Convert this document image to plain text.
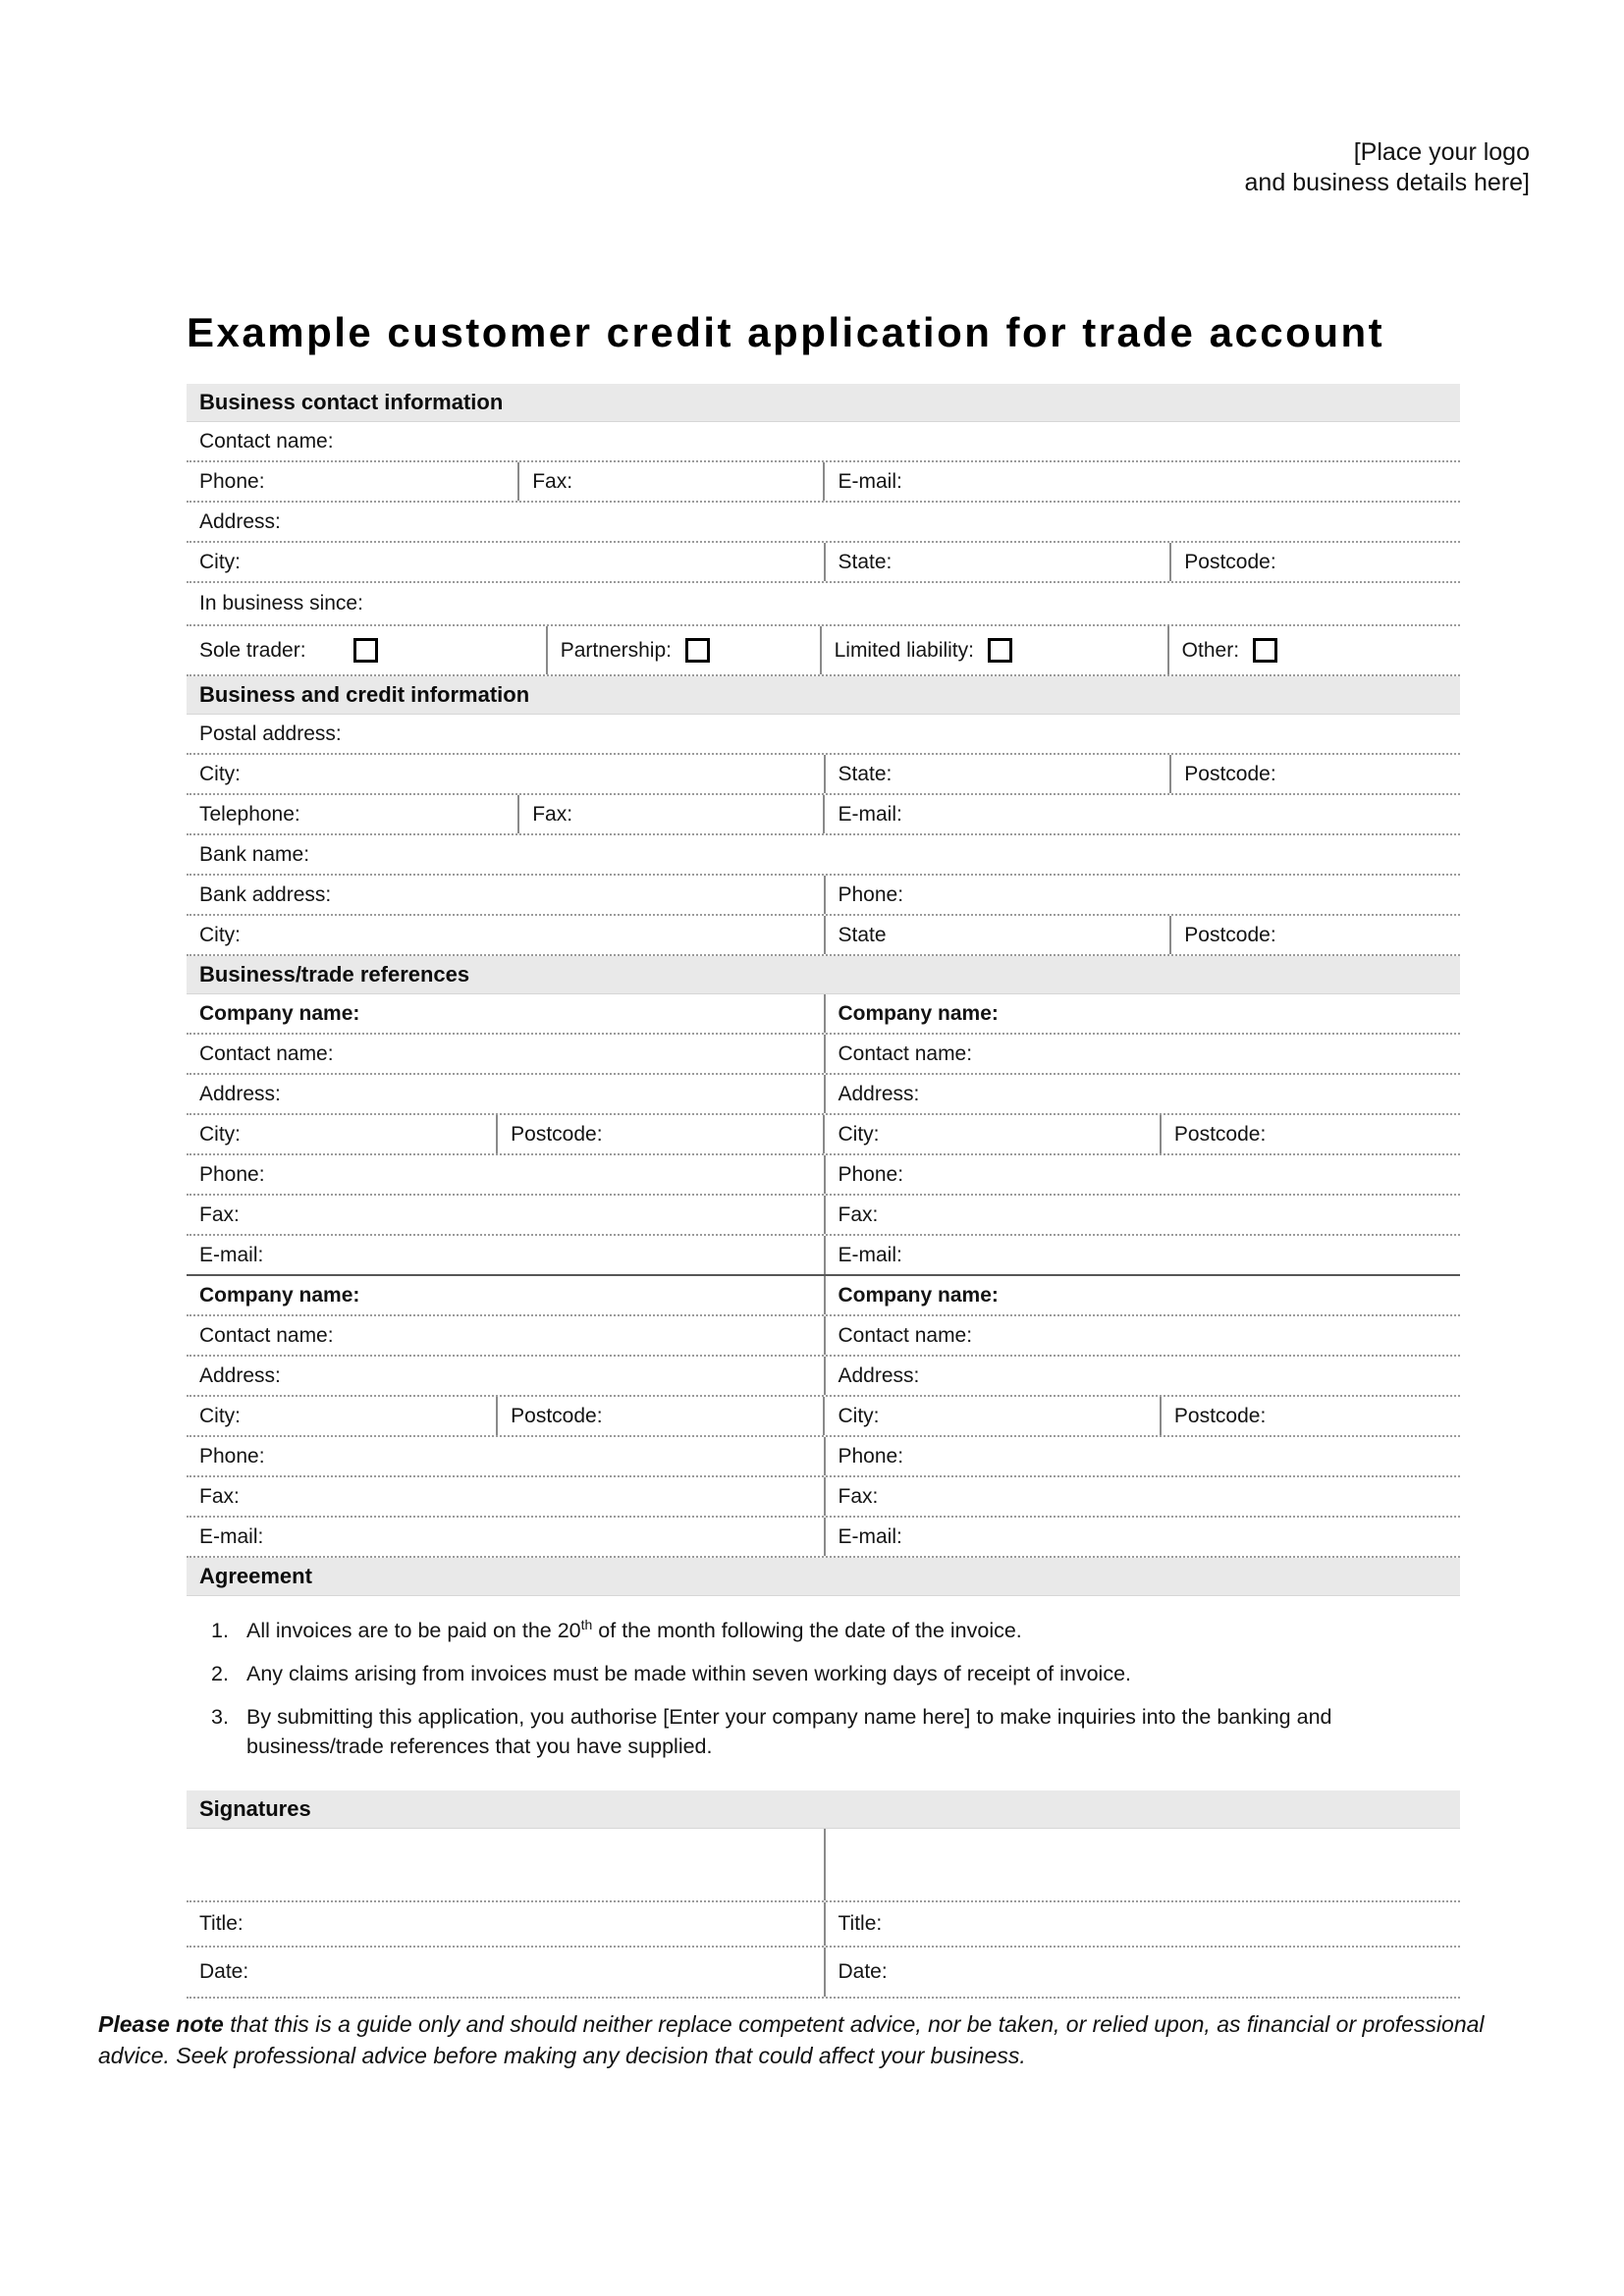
[Place your logo
and business details here]
Example customer credit application for trade account
Business contact information
Contact name:
Phone:	Fax:	E-mail:
Address:
City:	State:	Postcode:
In business since:
Sole trader:	Partnership:	Limited liability:	Other:
Business and credit information
Postal address:
City:	State:	Postcode:
Telephone:	Fax:	E-mail:
Bank name:
Bank address:	Phone:
City:	State	Postcode:
Business/trade references
Company name:	Company name:
Contact name:	Contact name:
Address:	Address:
City:	Postcode:	City:	Postcode:
Phone:	Phone:
Fax:	Fax:
E-mail:	E-mail:
Company name:	Company name:
Contact name:	Contact name:
Address:	Address:
City:	Postcode:	City:	Postcode:
Phone:	Phone:
Fax:	Fax:
E-mail:	E-mail:
Agreement
1. All invoices are to be paid on the 20th of the month following the date of the invoice.
2. Any claims arising from invoices must be made within seven working days of receipt of invoice.
3. By submitting this application, you authorise [Enter your company name here] to make inquiries into the banking and business/trade references that you have supplied.
Signatures
Title:	Title:
Date:	Date:
Please note that this is a guide only and should neither replace competent advice, nor be taken, or relied upon, as financial or professional advice. Seek professional advice before making any decision that could affect your business.
